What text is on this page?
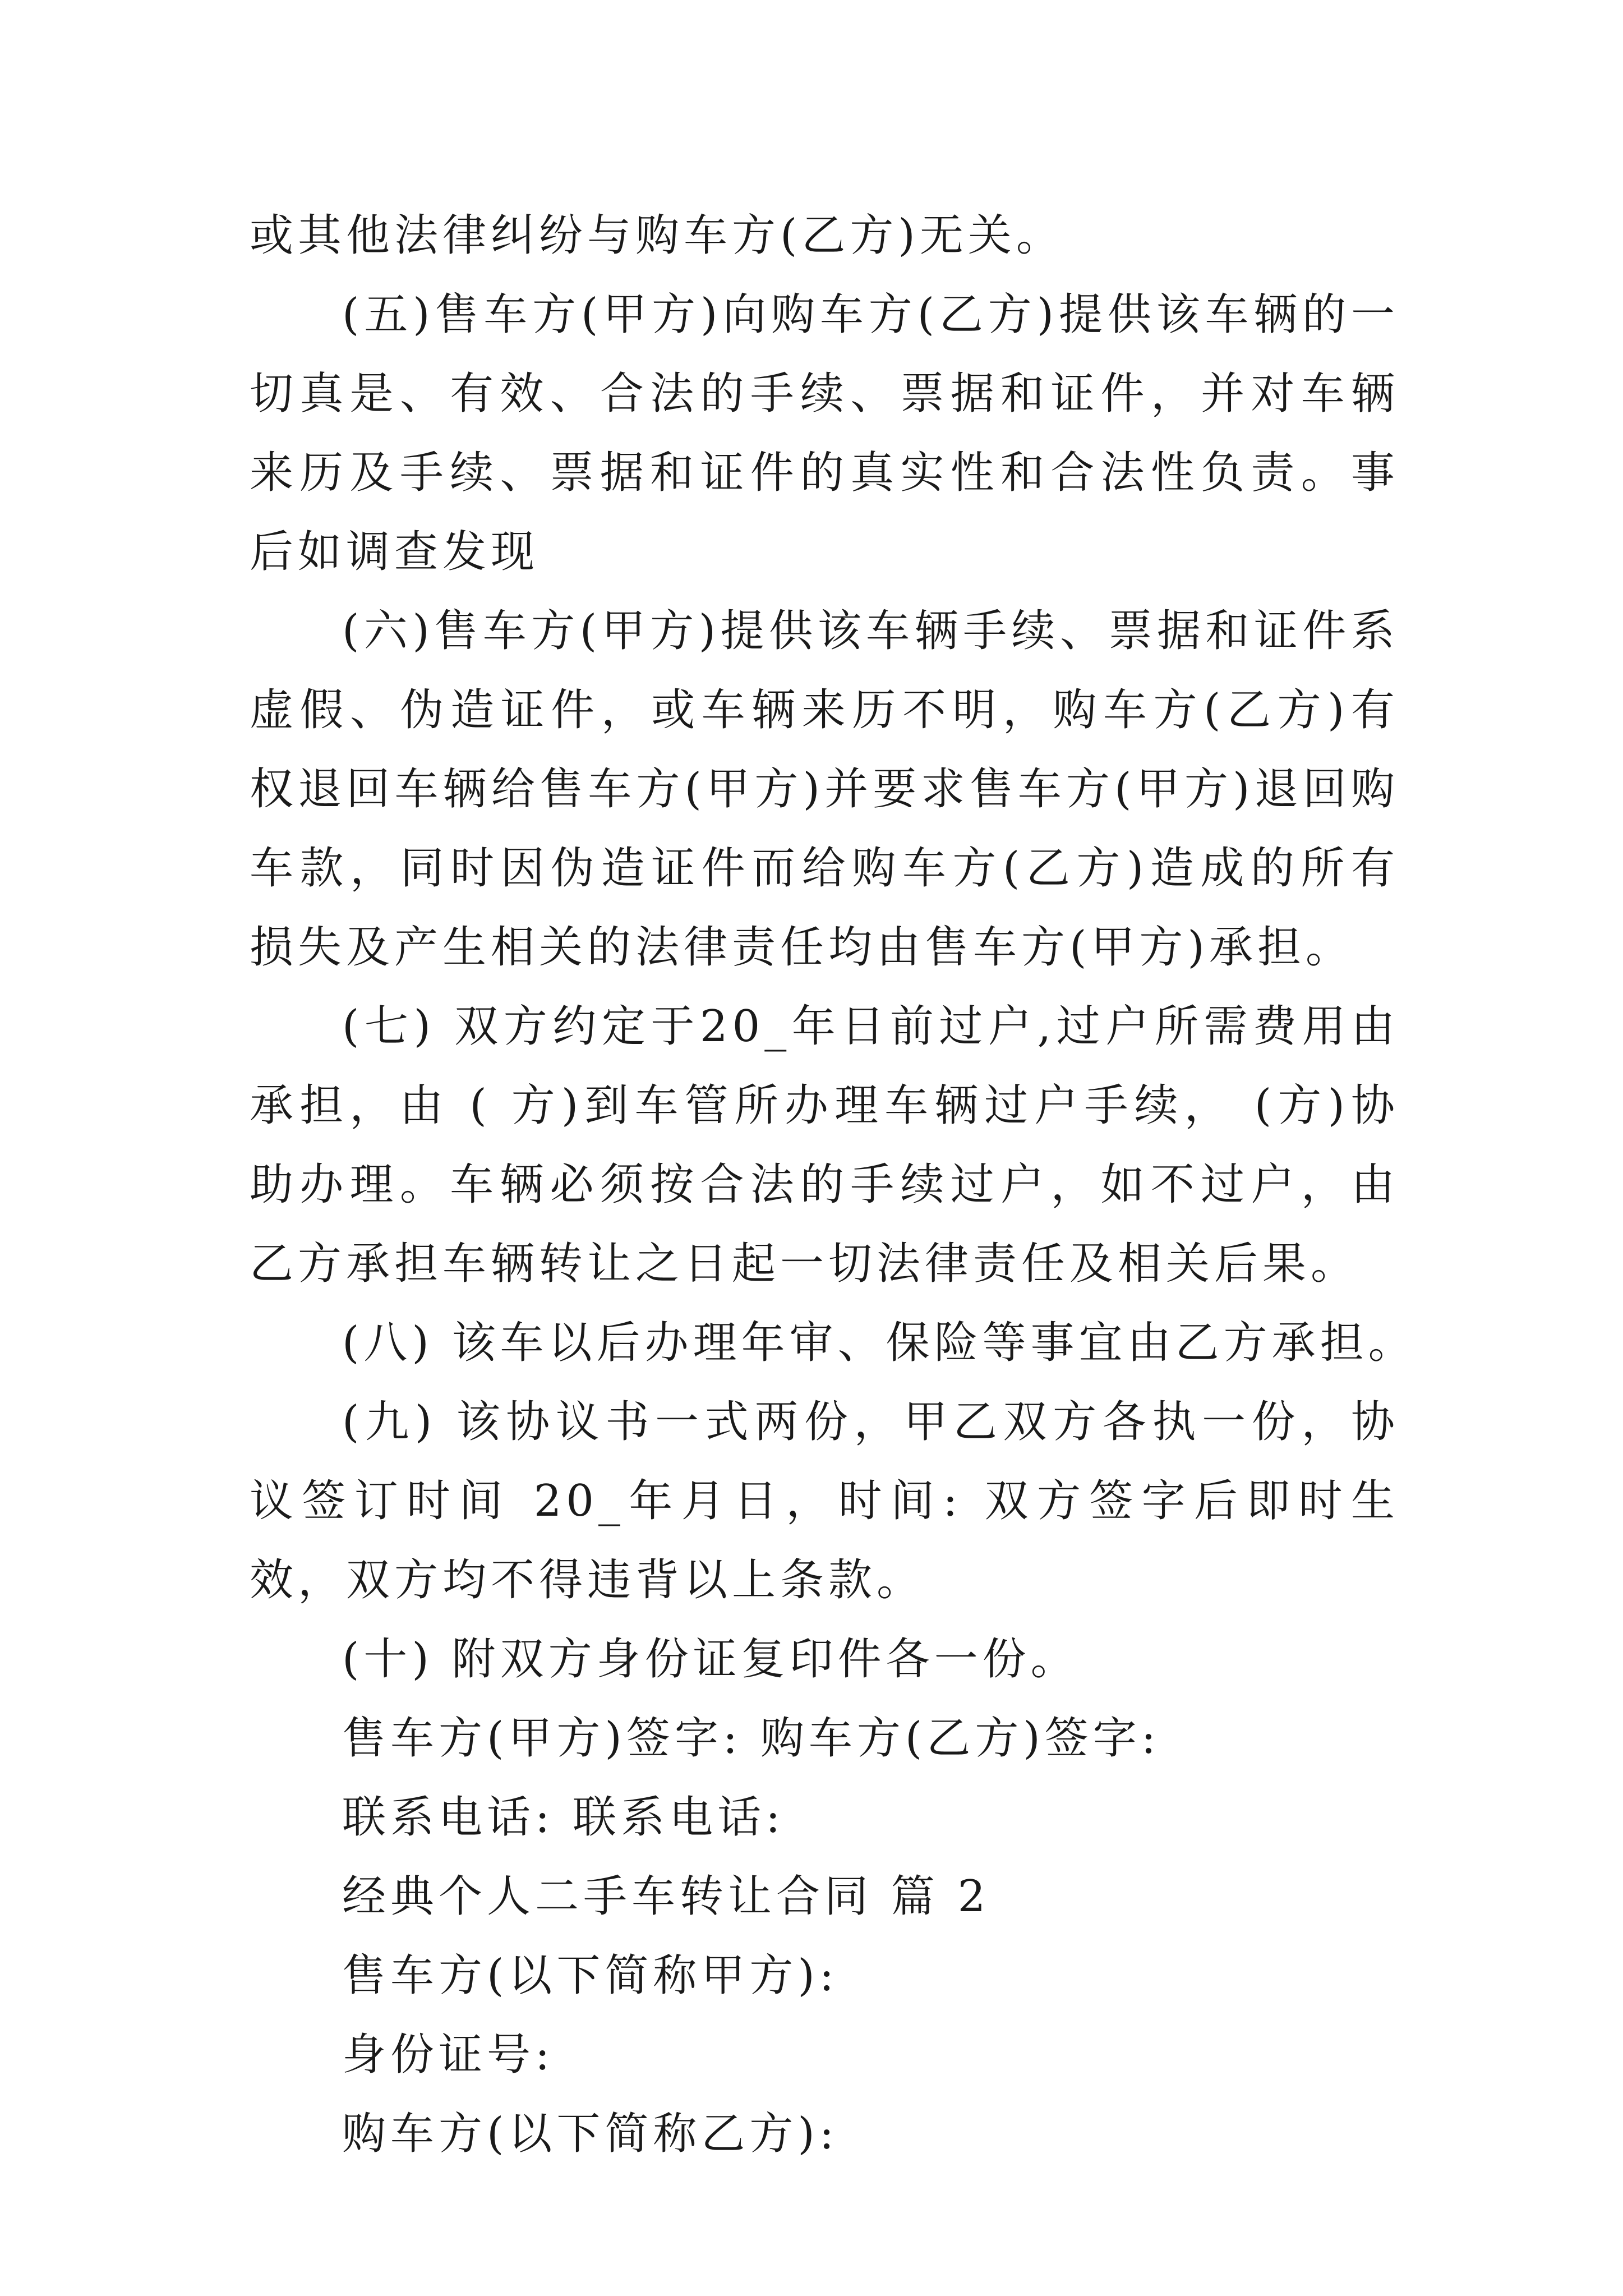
或其他法律纠纷与购车方(乙方)无关。

(五)售车方(甲方)向购车方(乙方)提供该车辆的一切真是、有效、合法的手续、票据和证件，并对车辆来历及手续、票据和证件的真实性和合法性负责。事后如调查发现

(六)售车方(甲方)提供该车辆手续、票据和证件系虚假、伪造证件，或车辆来历不明，购车方(乙方)有权退回车辆给售车方(甲方)并要求售车方(甲方)退回购车款，同时因伪造证件而给购车方(乙方)造成的所有损失及产生相关的法律责任均由售车方(甲方)承担。

(七) 双方约定于20_年日前过户,过户所需费用由承担，由 ( 方)到车管所办理车辆过户手续， (方)协助办理。车辆必须按合法的手续过户，如不过户，由乙方承担车辆转让之日起一切法律责任及相关后果。

(八) 该车以后办理年审、保险等事宜由乙方承担。

(九) 该协议书一式两份，甲乙双方各执一份，协议签订时间 20_年月日，时间: 双方签字后即时生效，双方均不得违背以上条款。

(十) 附双方身份证复印件各一份。

售车方(甲方)签字: 购车方(乙方)签字:

联系电话: 联系电话:

经典个人二手车转让合同 篇 2

售车方(以下简称甲方):

身份证号:

购车方(以下简称乙方):
